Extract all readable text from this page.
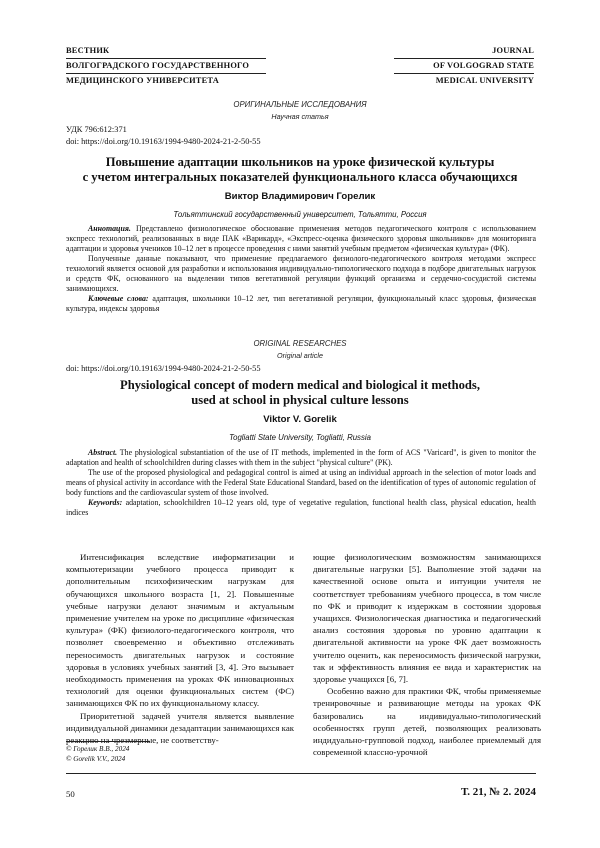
ВЕСТНИК
ВОЛГОГРАДСКОГО ГОСУДАРСТВЕННОГО
МЕДИЦИНСКОГО УНИВЕРСИТЕТА
JOURNAL
OF VOLGOGRAD STATE
MEDICAL UNIVERSITY
ОРИГИНАЛЬНЫЕ ИССЛЕДОВАНИЯ
Научная статья
УДК 796:612:371
doi: https://doi.org/10.19163/1994-9480-2024-21-2-50-55
Повышение адаптации школьников на уроке физической культуры
с учетом интегральных показателей функционального класса обучающихся
Виктор Владимирович Горелик
Тольяттинский государственный университет, Тольятти, Россия

Аннотация. Представлено физиологическое обоснование применения методов педагогического контроля с использованием экспресс технологий, реализованных в виде ПАК «Варикард», «Экспресс-оценка физического здоровья школьников» для мониторинга адаптации и здоровья учеников 10–12 лет в процессе проведения с ними занятий учебным предметом «физическая культура» (ФК).

Полученные данные показывают, что применение предлагаемого физиолого-педагогического контроля методами экспресс технологий является основой для разработки и использования индивидуально-типологического подхода в подборе двигательных нагрузок и средств ФК, основанного на выделении типов вегетативной регуляции функций организма и сердечно-сосудистой системы занимающихся.

Ключевые слова: адаптация, школьники 10–12 лет, тип вегетативной регуляции, функциональный класс здоровья, физическая культура, индексы здоровья

ORIGINAL RESEARCHES
Original article
doi: https://doi.org/10.19163/1994-9480-2024-21-2-50-55
Physiological concept of modern medical and biological it methods,
used at school in physical culture lessons
Viktor V. Gorelik
Togliatti State University, Togliatti, Russia

Abstract. The physiological substantiation of the use of IT methods, implemented in the form of ACS "Varicard", is given to monitor the adaptation and health of schoolchildren during classes with them in the subject "physical culture" (PK).

The use of the proposed physiological and pedagogical control is aimed at using an individual approach in the selection of motor loads and means of physical activity in accordance with the Federal State Educational Standard, based on the identification of types of autonomic regulation of body functions and the cardiovascular system of those involved.

Keywords: adaptation, schoolchildren 10–12 years old, type of vegetative regulation, functional health class, physical education, health indices

Интенсификация вследствие информатизации и компьютеризации учебного процесса приводит к дополнительным психофизическим нагрузкам для обучающихся школьного возраста [1, 2]. Повышенные учебные нагрузки делают значимым и актуальным применение учителем на уроке по дисциплине «физическая культура» (ФК) физиолого-педагогического контроля, что позволяет своевременно и объективно отслеживать переносимость двигательных нагрузок и состояние здоровья в условиях учебных занятий [3, 4]. Это вызывает необходимость применения на уроках ФК инновационных технологий для оценки функциональных систем (ФС) занимающихся ФК по их функциональному классу.

Приоритетной задачей учителя является выявление индивидуальной динамики дезадаптации занимающихся как реакцию на чрезмерные, не соответству-

ющие физиологическим возможностям занимающихся двигательные нагрузки [5]. Выполнение этой задачи на качественной основе опыта и интуиции учителя не соответствует требованиям учебного процесса, в том числе по ФК и приводит к издержкам в состоянии здоровья учащихся. Физиологическая диагностика и педагогический анализ состояния здоровья по уровню адаптации к двигательной активности на уроке ФК дает возможность учителю оценить, как переносимость физической нагрузки, так и эффективность влияния ее вида и характеристик на здоровье учащихся [6, 7].

Особенно важно для практики ФК, чтобы применяемые тренировочные и развивающие методы на уроках ФК базировались на индивидуально-типологический особенностях групп детей, позволяющих реализовать индидуально-групповой подход, наиболее приемлемый для современной классно-урочной

© Горелик В.В., 2024
© Gorelik V.V., 2024
50	Т. 21, № 2. 2024
